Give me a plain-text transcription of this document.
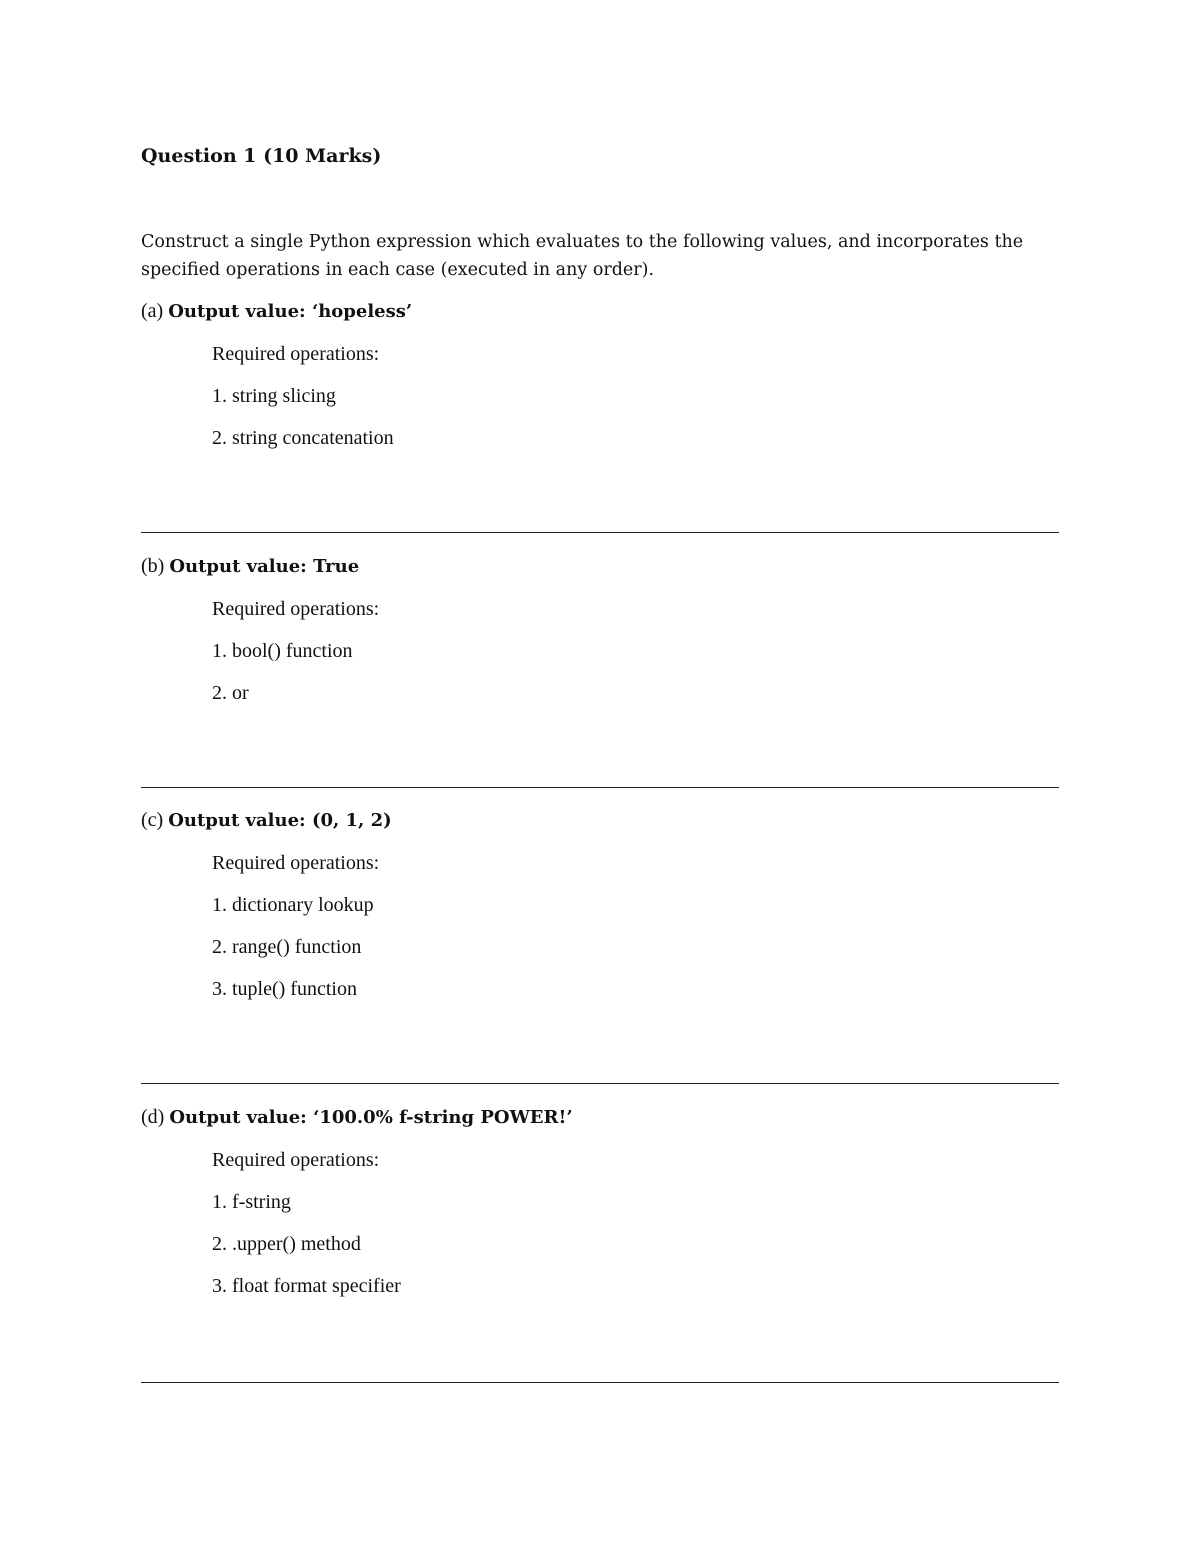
Question 1 (10 Marks)
Construct a single Python expression which evaluates to the following values, and incorporates the
specified operations in each case (executed in any order).
(a) Output value: ‘hopeless’
Required operations:
1. string slicing
2. string concatenation
(b) Output value: True
Required operations:
1. bool() function
2. or
(c) Output value: (0, 1, 2)
Required operations:
1. dictionary lookup
2. range() function
3. tuple() function
(d) Output value: ‘100.0% f-string POWER!’
Required operations:
1. f-string
2. .upper() method
3. float format specifier
